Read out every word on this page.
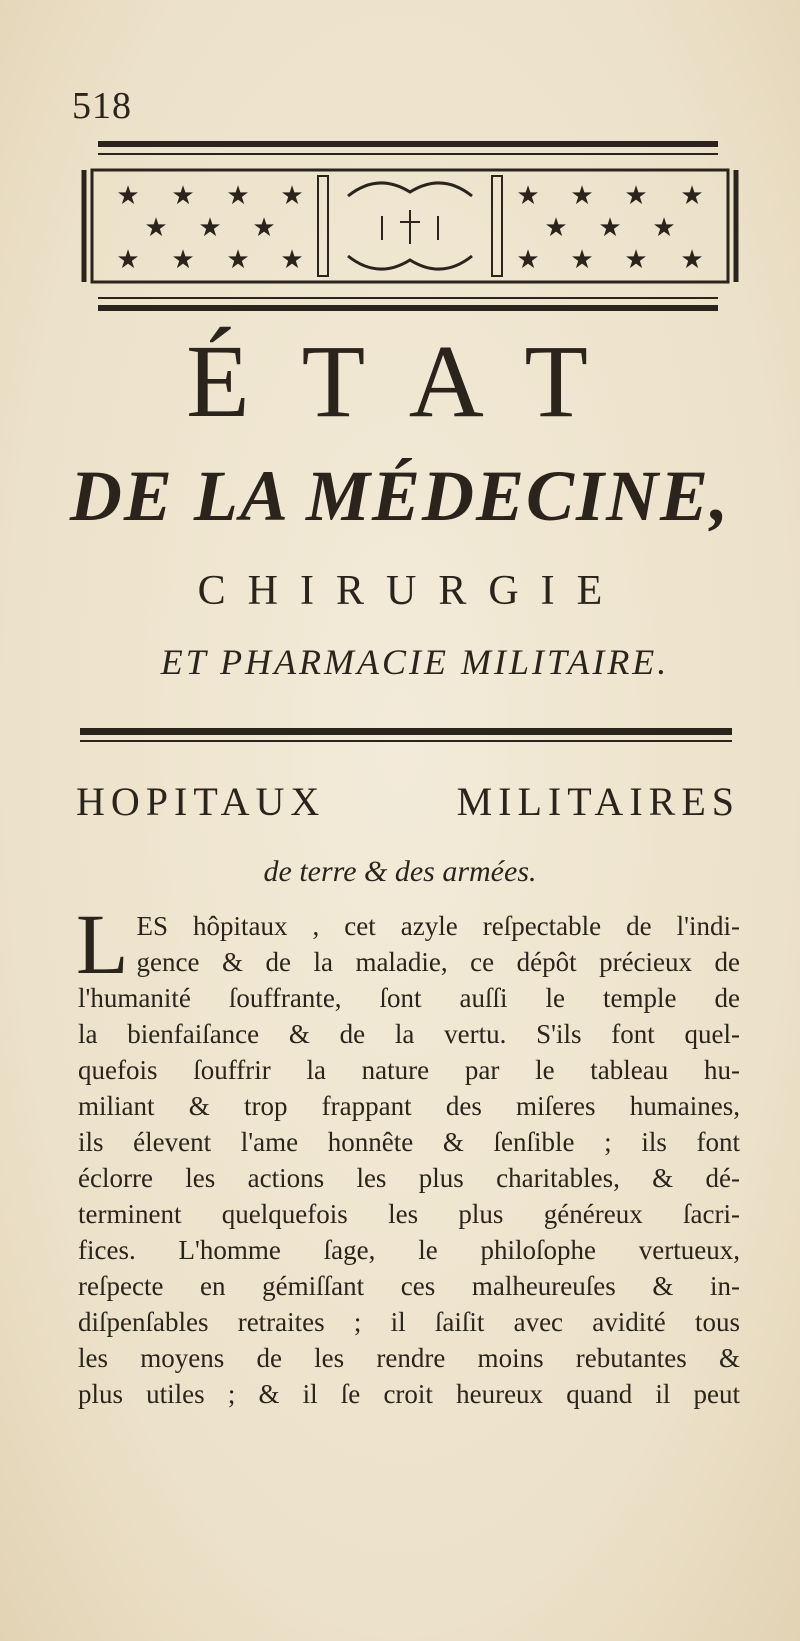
518
★ ★ ★ ★
★ ★ ★
★ ★ ★ ★
★ ★ ★ ★
★ ★ ★
★ ★ ★ ★
ÉTAT
DE LA MÉDECINE,
CHIRURGIE
ET PHARMACIE MILITAIRE.
HOPITAUX	MILITAIRES
de terre & des armées.
L ES hôpitaux , cet azyle reſpectable de l'indi-
gence & de la maladie, ce dépôt précieux de
l'humanité ſouffrante, ſont auſſi le temple de
la bienfaiſance & de la vertu. S'ils font quel-
quefois ſouffrir la nature par le tableau hu-
miliant & trop frappant des miſeres humaines,
ils élevent l'ame honnête & ſenſible ; ils font
éclorre les actions les plus charitables, & dé-
terminent quelquefois les plus généreux ſacri-
fices. L'homme ſage, le philoſophe vertueux,
reſpecte en gémiſſant ces malheureuſes & in-
diſpenſables retraites ; il ſaiſit avec avidité tous
les moyens de les rendre moins rebutantes &
plus utiles ; & il ſe croit heureux quand il peut
